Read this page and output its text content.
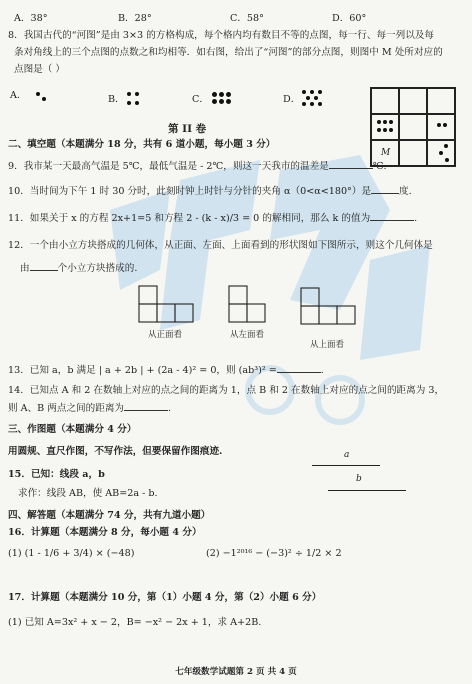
A．38°	B．28°	C．58°	D．60°
8．我国古代的“河图”是由 3×3 的方格构成，每个格内均有数目不等的点图，每一行、每一列以及每
条对角线上的三个点图的点数之和均相等．如右图，给出了“河图”的部分点图，则图中 M 处所对应的
点图是（ ）
A．	B．	C．	D．
M
第 II 卷
二、填空题（本题满分 18 分，共有 6 道小题，每小题 3 分）
9．我市某一天最高气温是 5℃，最低气温是 - 2℃，则这一天我市的温差是	℃.
10．当时间为下午 1 时 30 分时，此刻时钟上时针与分针的夹角 α（0<α<180°）是	度.
11．如果关于 x 的方程 2x+1=5 和方程 2 - (k - x)/3 = 0 的解相同，那么 k 的值为	.
12．一个由小立方块搭成的几何体，从正面、左面、上面看到的形状图如下图所示，则这个几何体是
由	个小立方块搭成的.
从正面看	从左面看
从上面看
13．已知 a，b 满足 | a + 2b | + (2a - 4)² = 0，则 (ab³)² =	.
14．已知点 A 和 2 在数轴上对应的点之间的距离为 1，点 B 和 2 在数轴上对应的点之间的距离为 3，
则 A、B 两点之间的距离为	.
三、作图题（本题满分 4 分）
用圆规、直尺作图，不写作法，但要保留作图痕迹.	a
b
15．已知：线段 a，b
求作：线段 AB，使 AB=2a - b.
四、解答题（本题满分 74 分，共有九道小题）
16．计算题（本题满分 8 分，每小题 4 分）
(1) (1 - 1/6 + 3/4) × (−48)	(2) −1²⁰¹⁶ − (−3)² ÷ 1/2 × 2
17．计算题（本题满分 10 分，第（1）小题 4 分，第（2）小题 6 分）
(1) 已知 A=3x² + x − 2，B= −x² − 2x + 1，求 A+2B.
七年级数学试题第 2 页 共 4 页
